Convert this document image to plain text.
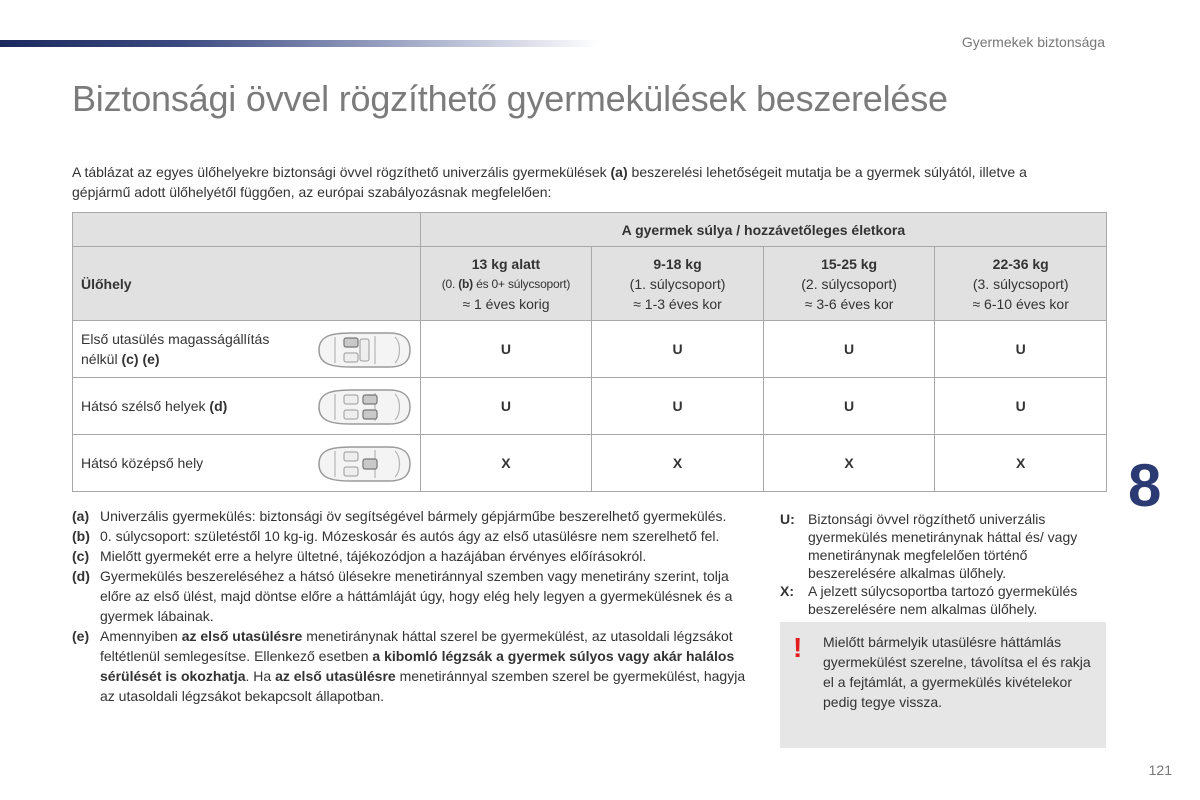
Gyermekek biztonsága
Biztonsági övvel rögzíthető gyermekülések beszerelése
A táblázat az egyes ülőhelyekre biztonsági övvel rögzíthető univerzális gyermekülések (a) beszerelési lehetőségeit mutatja be a gyermek súlyától, illetve a gépjármű adott ülőhelyétől függően, az európai szabályozásnak megfelelően:
	A gyermek súlya / hozzávetőleges életkora			
Ülőhely	13 kg alatt
(0. (b) és 0+ súlycsoport)
≈ 1 éves korig	9-18 kg
(1. súlycsoport)
≈ 1-3 éves kor	15-25 kg
(2. súlycsoport)
≈ 3-6 éves kor	22-36 kg
(3. súlycsoport)
≈ 6-10 éves kor

Első utasülés magasságállítás
nélkül (c) (e)	U	U	U	U

Hátsó szélső helyek (d)	U	U	U	U

Hátsó középső hely	X	X	X	X
(a) Univerzális gyermekülés: biztonsági öv segítségével bármely gépjárműbe beszerelhető gyermekülés.
(b) 0. súlycsoport: születéstől 10 kg-ig. Mózeskosár és autós ágy az első utasülésre nem szerelhető fel.
(c) Mielőtt gyermekét erre a helyre ültetné, tájékozódjon a hazájában érvényes előírásokról.
(d) Gyermekülés beszereléséhez a hátsó ülésekre menetiránnyal szemben vagy menetirány szerint, tolja előre az első ülést, majd döntse előre a háttámláját úgy, hogy elég hely legyen a gyermekülésnek és a gyermek lábainak.
(e) Amennyiben az első utasülésre menetiránynak háttal szerel be gyermekülést, az utasoldali légzsákot feltétlenül semlegesítse. Ellenkező esetben a kibomló légzsák a gyermek súlyos vagy akár halálos sérülését is okozhatja. Ha az első utasülésre menetiránnyal szemben szerel be gyermekülést, hagyja az utasoldali légzsákot bekapcsolt állapotban.
U: Biztonsági övvel rögzíthető univerzális gyermekülés menetiránynak háttal és/ vagy menetiránynak megfelelően történő beszerelésére alkalmas ülőhely.
X:	A jelzett súlycsoportba tartozó gyermekülés beszerelésére nem alkalmas ülőhely.
! Mielőtt bármelyik utasülésre háttámlás gyermekülést szerelne, távolítsa el és rakja el a fejtámlát, a gyermekülés kivételekor pedig tegye vissza.
8
121
